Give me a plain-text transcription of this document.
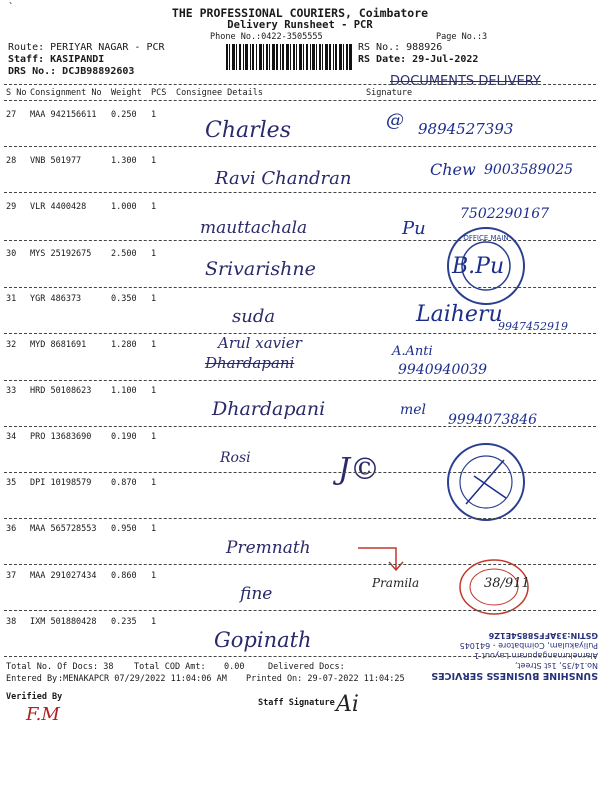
`	THE PROFESSIONAL COURIERS, Coimbatore
Delivery Runsheet - PCR
Phone No.:0422-3505555	Page No.:3
Route: PERIYAR NAGAR - PCR
Staff: KASIPANDI
DRS No.: DCJB98892603
RS No.: 988926
RS Date: 29-Jul-2022
DOCUMENTS DELIVERY
S No Consignment No Weight PCS Consignee Details	Signature
27 MAA 942156611 0.250 1
Charles	9894527393
@
28 VNB 501977	1.300 1
Ravi Chandran	9003589025
Chew
29 VLR 4400428	1.000 1
mauttachala
7502290167
Pu
30 MYS 25192675 2.500 1
Srivarishne
OFFICE MAIN
B.Pu
31 YGR 486373	0.350 1
suda	9947452919
Laiheru
32 MYD 8681691	1.280 1	Arul xavier
Dhardapani
A.Anti
9940940039
33 HRD 50108623 1.100 1
Dhardapani	mel
9994073846
34 PRO 13683690 0.190 1
Rosi	J©
35 DPI 10198579 0.870 1
36 MAA 565728553 0.950 1
Premnath
37 MAA 291027434 0.860 1
fine
Pramila	38/911
38 IXM 501880428 0.235 1
Gopinath
SUNSHINE BUSINESS SERVICES
No.14/35, 1st Street,
Alamelumangapuram Layout 1
Puliyakulam, Coimbatore - 641045
GSTIN:33AFFS8854E1Z6
Total No. Of Docs: 38 Total COD Amt: 0.00	Delivered Docs:
Entered By :MENAKAPCR 07/29/2022 11:04:06 AM Printed On: 29-07-2022 11:04:25
Verified By
Staff Signature Ai
F.M
